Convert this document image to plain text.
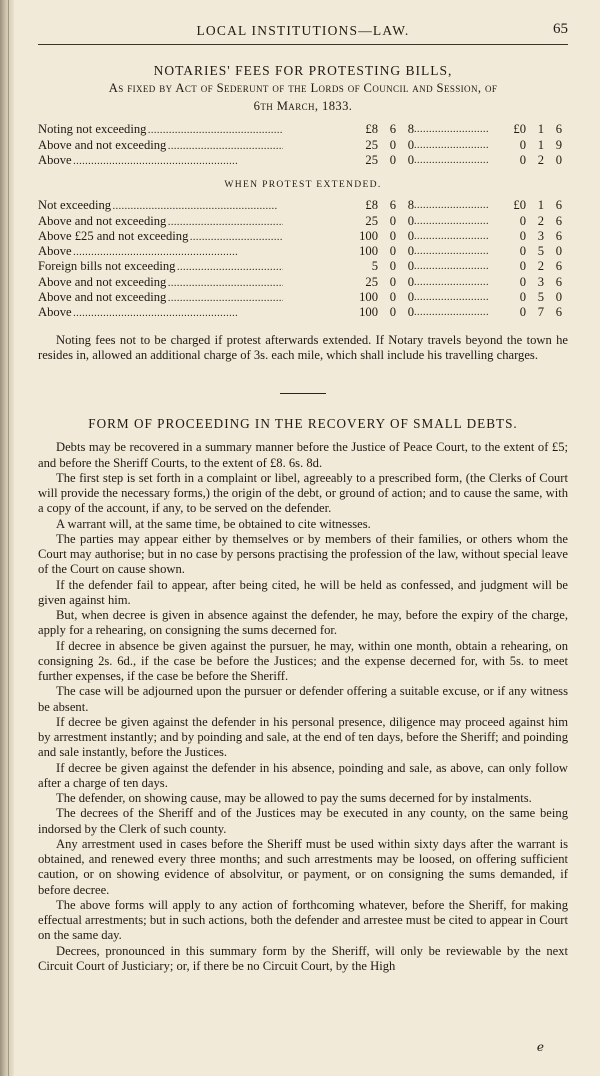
LOCAL INSTITUTIONS—LAW.	65
NOTARIES' FEES FOR PROTESTING BILLS,
As fixed by Act of Sederunt of the Lords of Council and Session, of
6th March, 1833.
Noting not exceeding . . .	£8 6 8 . . . . . . . . . . . . . . . . . . . . . . . . .	£0 1 6
Above and not exceeding . . .	25 0 0 . . . . . . . . . . . . . . . . . . . . . . . . .	0 1 9
Above . . .	25 0 0 . . . . . . . . . . . . . . . . . . . . . . . . .	0 2 0
WHEN PROTEST EXTENDED.
Not exceeding . . .	£8 6 8 . . . . . . . . . . . . . . . . . . . . . . . . .	£0 1 6
Above and not exceeding . . .	25 0 0 . . . . . . . . . . . . . . . . . . . . . . . . .	0 2 6
Above £25 and not exceeding . . .	100 0 0 . . . . . . . . . . . . . . . . . . . . . . . . .	0 3 6
Above . . .	100 0 0 . . . . . . . . . . . . . . . . . . . . . . . . .	0 5 0
Foreign bills not exceeding . . .	5 0 0 . . . . . . . . . . . . . . . . . . . . . . . . .	0 2 6
Above and not exceeding . . .	25 0 0 . . . . . . . . . . . . . . . . . . . . . . . . .	0 3 6
Above and not exceeding . . .	100 0 0 . . . . . . . . . . . . . . . . . . . . . . . . .	0 5 0
Above . . .	100 0 0 . . . . . . . . . . . . . . . . . . . . . . . . .	0 7 6

Noting fees not to be charged if protest afterwards extended. If Notary travels beyond the town he resides in, allowed an additional charge of 3s. each mile, which shall include his travelling charges.

FORM OF PROCEEDING IN THE RECOVERY OF SMALL DEBTS.

Debts may be recovered in a summary manner before the Justice of Peace Court, to the extent of £5; and before the Sheriff Courts, to the extent of £8. 6s. 8d.

The first step is set forth in a complaint or libel, agreeably to a prescribed form, (the Clerks of Court will provide the necessary forms,) the origin of the debt, or ground of action; and to cause the same, with a copy of the account, if any, to be served on the defender.

A warrant will, at the same time, be obtained to cite witnesses.

The parties may appear either by themselves or by members of their families, or others whom the Court may authorise; but in no case by persons practising the profession of the law, without special leave of the Court on cause shown.

If the defender fail to appear, after being cited, he will be held as confessed, and judgment will be given against him.

But, when decree is given in absence against the defender, he may, before the expiry of the charge, apply for a rehearing, on consigning the sums decerned for.

If decree in absence be given against the pursuer, he may, within one month, obtain a rehearing, on consigning 2s. 6d., if the case be before the Justices; and the expense decerned for, with 5s. to meet further expenses, if the case be before the Sheriff.

The case will be adjourned upon the pursuer or defender offering a suitable excuse, or if any witness be absent.

If decree be given against the defender in his personal presence, diligence may proceed against him by arrestment instantly; and by poinding and sale, at the end of ten days, before the Sheriff; and poinding and sale instantly, before the Justices.

If decree be given against the defender in his absence, poinding and sale, as above, can only follow after a charge of ten days.

The defender, on showing cause, may be allowed to pay the sums decerned for by instalments.

The decrees of the Sheriff and of the Justices may be executed in any county, on the same being indorsed by the Clerk of such county.

Any arrestment used in cases before the Sheriff must be used within sixty days after the warrant is obtained, and renewed every three months; and such arrestments may be loosed, on offering sufficient caution, or on showing evidence of absolvitur, or payment, or on consigning the sums demanded, if before decree.

The above forms will apply to any action of forthcoming whatever, before the Sheriff, for making effectual arrestments; but in such actions, both the defender and arrestee must be cited to appear in Court on the same day.

Decrees, pronounced in this summary form by the Sheriff, will only be reviewable by the next Circuit Court of Justiciary; or, if there be no Circuit Court, by the High

e
